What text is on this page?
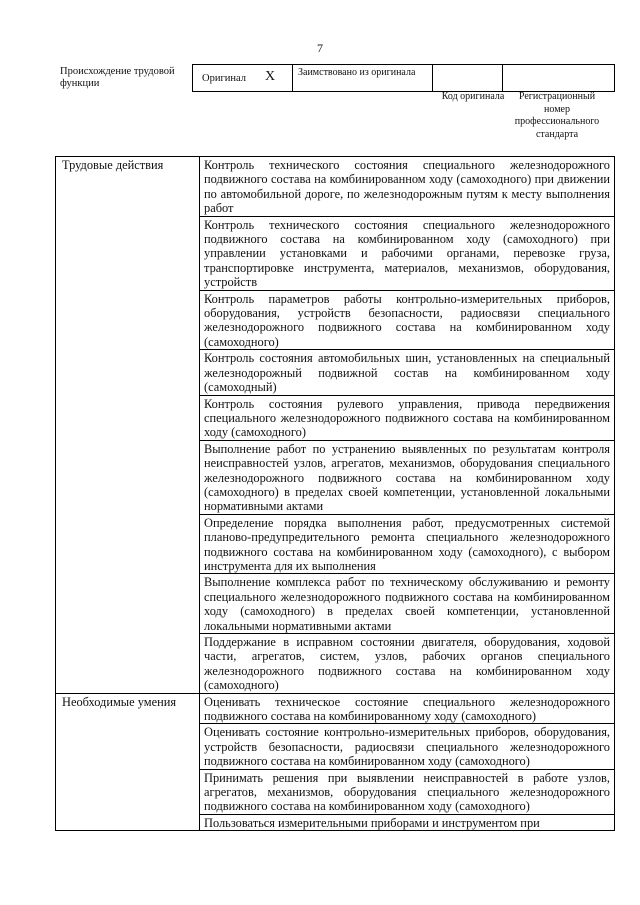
7
Происхождение трудовой функции	Оригинал X	Заимствовано из оригинала
Код оригинала	Регистрационный номер профессионального стандарта
Трудовые действия	Контроль технического состояния специального железнодорожного подвижного состава на комбинированном ходу (самоходного) при движении по автомобильной дороге, по железнодорожным путям к месту выполнения работ
	Контроль технического состояния специального железнодорожного подвижного состава на комбинированном ходу (самоходного) при управлении установками и рабочими органами, перевозке груза, транспортировке инструмента, материалов, механизмов, оборудования, устройств
	Контроль параметров работы контрольно-измерительных приборов, оборудования, устройств безопасности, радиосвязи специального железнодорожного подвижного состава на комбинированном ходу (самоходного)
	Контроль состояния автомобильных шин, установленных на специальный железнодорожный подвижной состав на комбинированном ходу (самоходный)
	Контроль состояния рулевого управления, привода передвижения специального железнодорожного подвижного состава на комбинированном ходу (самоходного)
	Выполнение работ по устранению выявленных по результатам контроля неисправностей узлов, агрегатов, механизмов, оборудования специального железнодорожного подвижного состава на комбинированном ходу (самоходного) в пределах своей компетенции, установленной локальными нормативными актами
	Определение порядка выполнения работ, предусмотренных системой планово-предупредительного ремонта специального железнодорожного подвижного состава на комбинированном ходу (самоходного), с выбором инструмента для их выполнения
	Выполнение комплекса работ по техническому обслуживанию и ремонту специального железнодорожного подвижного состава на комбинированном ходу (самоходного) в пределах своей компетенции, установленной локальными нормативными актами
	Поддержание в исправном состоянии двигателя, оборудования, ходовой части, агрегатов, систем, узлов, рабочих органов специального железнодорожного подвижного состава на комбинированном ходу (самоходного)
Необходимые умения	Оценивать техническое состояние специального железнодорожного подвижного состава на комбинированному ходу (самоходного)
	Оценивать состояние контрольно-измерительных приборов, оборудования, устройств безопасности, радиосвязи специального железнодорожного подвижного состава на комбинированном ходу (самоходного)
	Принимать решения при выявлении неисправностей в работе узлов, агрегатов, механизмов, оборудования специального железнодорожного подвижного состава на комбинированном ходу (самоходного)
	Пользоваться измерительными приборами и инструментом при
